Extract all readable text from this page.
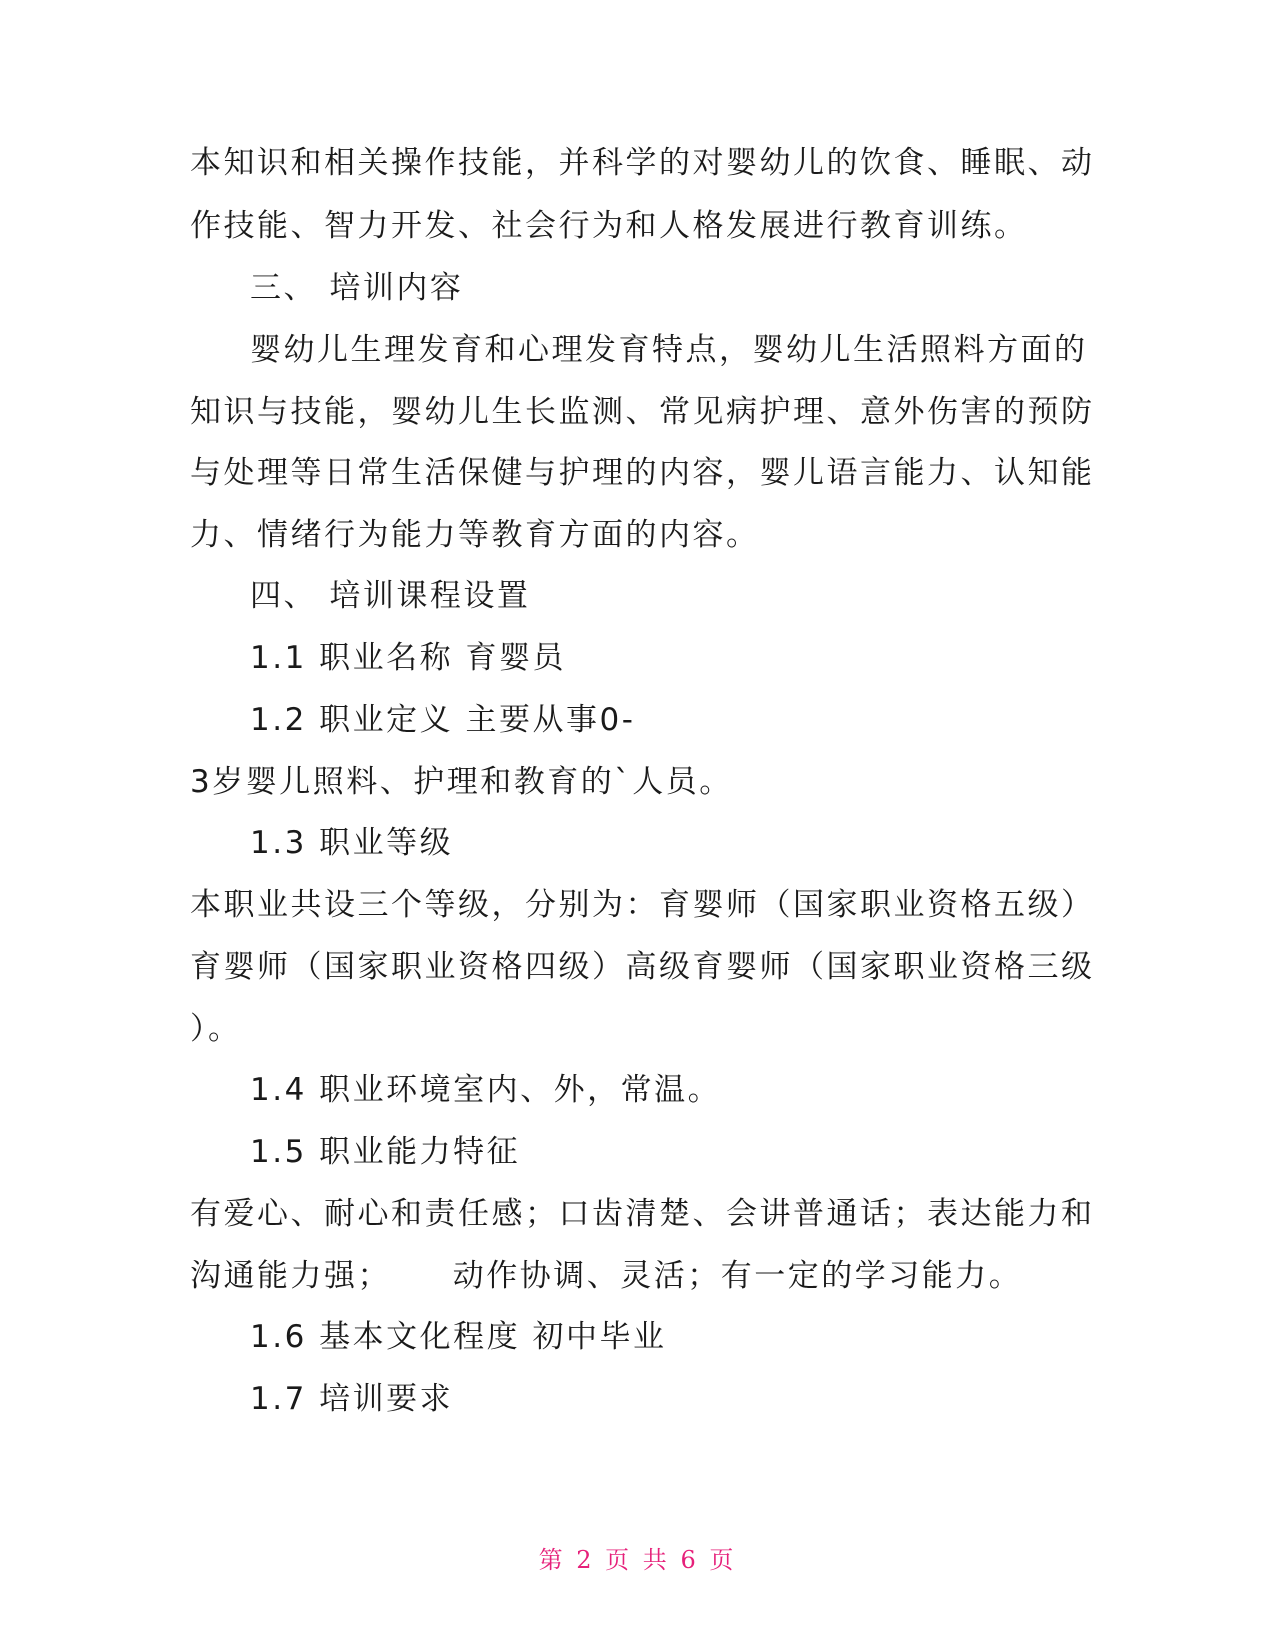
本知识和相关操作技能，并科学的对婴幼儿的饮食、睡眠、动
作技能、智力开发、社会行为和人格发展进行教育训练。
三、 培训内容
婴幼儿生理发育和心理发育特点，婴幼儿生活照料方面的
知识与技能，婴幼儿生长监测、常见病护理、意外伤害的预防
与处理等日常生活保健与护理的内容，婴儿语言能力、认知能
力、情绪行为能力等教育方面的内容。
四、 培训课程设置
1.1 职业名称 育婴员
1.2 职业定义 主要从事0-
3岁婴儿照料、护理和教育的`人员。
1.3 职业等级
本职业共设三个等级，分别为：育婴师（国家职业资格五级）
育婴师（国家职业资格四级）高级育婴师（国家职业资格三级
）。
1.4 职业环境室内、外，常温。
1.5 职业能力特征
有爱心、耐心和责任感；口齿清楚、会讲普通话；表达能力和
沟通能力强；     动作协调、灵活；有一定的学习能力。
1.6 基本文化程度 初中毕业
1.7 培训要求
第 2 页 共 6 页
